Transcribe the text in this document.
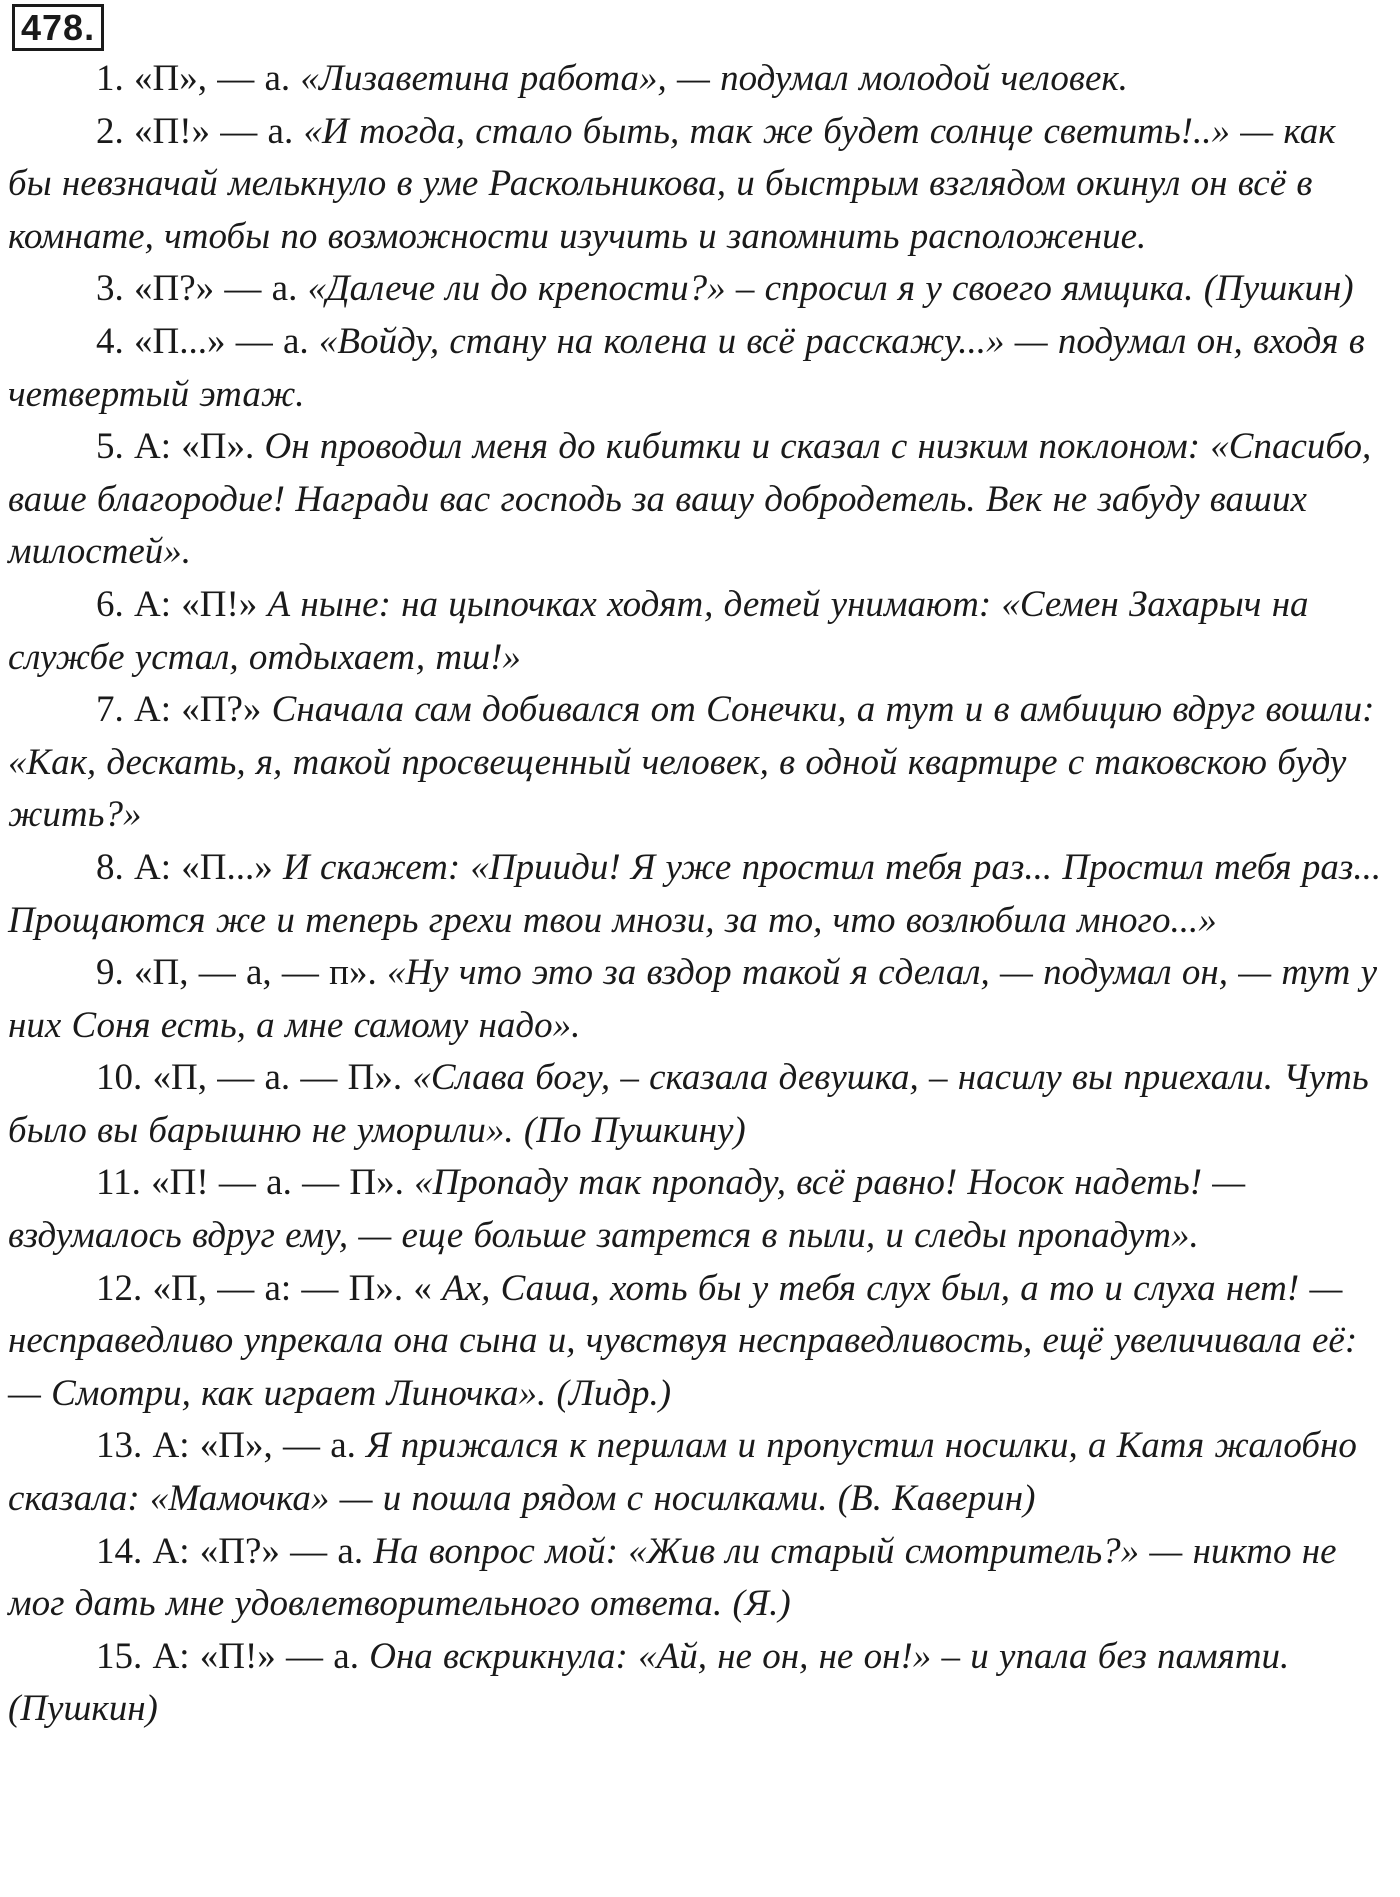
478.

1. «П», — а. «Лизаветина работа», — подумал молодой человек.

2. «П!» — а. «И тогда, стало быть, так же будет солнце светить!..» — как бы невзначай мелькнуло в уме Раскольникова, и быстрым взглядом окинул он всё в комнате, чтобы по возможности изучить и запомнить расположение.

3. «П?» — а. «Далече ли до крепости?» – спросил я у своего ямщика. (Пушкин)

4. «П...» — а. «Войду, стану на колена и всё расскажу...» — подумал он, входя в четвертый этаж.

5. А: «П». Он проводил меня до кибитки и сказал с низким поклоном: «Спасибо, ваше благородие! Награди вас господь за вашу добродетель. Век не забуду ваших милостей».

6. А: «П!» А ныне: на цыпочках ходят, детей унимают: «Семен Захарыч на службе устал, отдыхает, тш!»

7. А: «П?» Сначала сам добивался от Сонечки, а тут и в амбицию вдруг вошли: «Как, дескать, я, такой просвещенный человек, в одной квартире с таковскою буду жить?»

8. А: «П...» И скажет: «Прииди! Я уже простил тебя раз... Простил тебя раз... Прощаются же и теперь грехи твои мнози, за то, что возлюбила много...»

9. «П, — а, — п». «Ну что это за вздор такой я сделал, — подумал он, — тут у них Соня есть, а мне самому надо».

10. «П, — а. — П». «Слава богу, – сказала девушка, – насилу вы приехали. Чуть было вы барышню не уморили». (По Пушкину)

11. «П! — а. — П». «Пропаду так пропаду, всё равно! Носок надеть! — вздумалось вдруг ему, — еще больше затрется в пыли, и следы пропадут».

12. «П, — а: — П». « Ах, Саша, хоть бы у тебя слух был, а то и слуха нет! — несправедливо упрекала она сына и, чувствуя несправедливость, ещё увеличивала её: — Смотри, как играет Линочка». (Лидр.)

13. А: «П», — а. Я прижался к перилам и пропустил носилки, а Катя жалобно сказала: «Мамочка» — и пошла рядом с носилками. (В. Каверин)

14. А: «П?» — а. На вопрос мой: «Жив ли старый смотритель?» — никто не мог дать мне удовлетворительного ответа. (Я.)

15. А: «П!» — а. Она вскрикнула: «Ай, не он, не он!» – и упала без памяти. (Пушкин)
